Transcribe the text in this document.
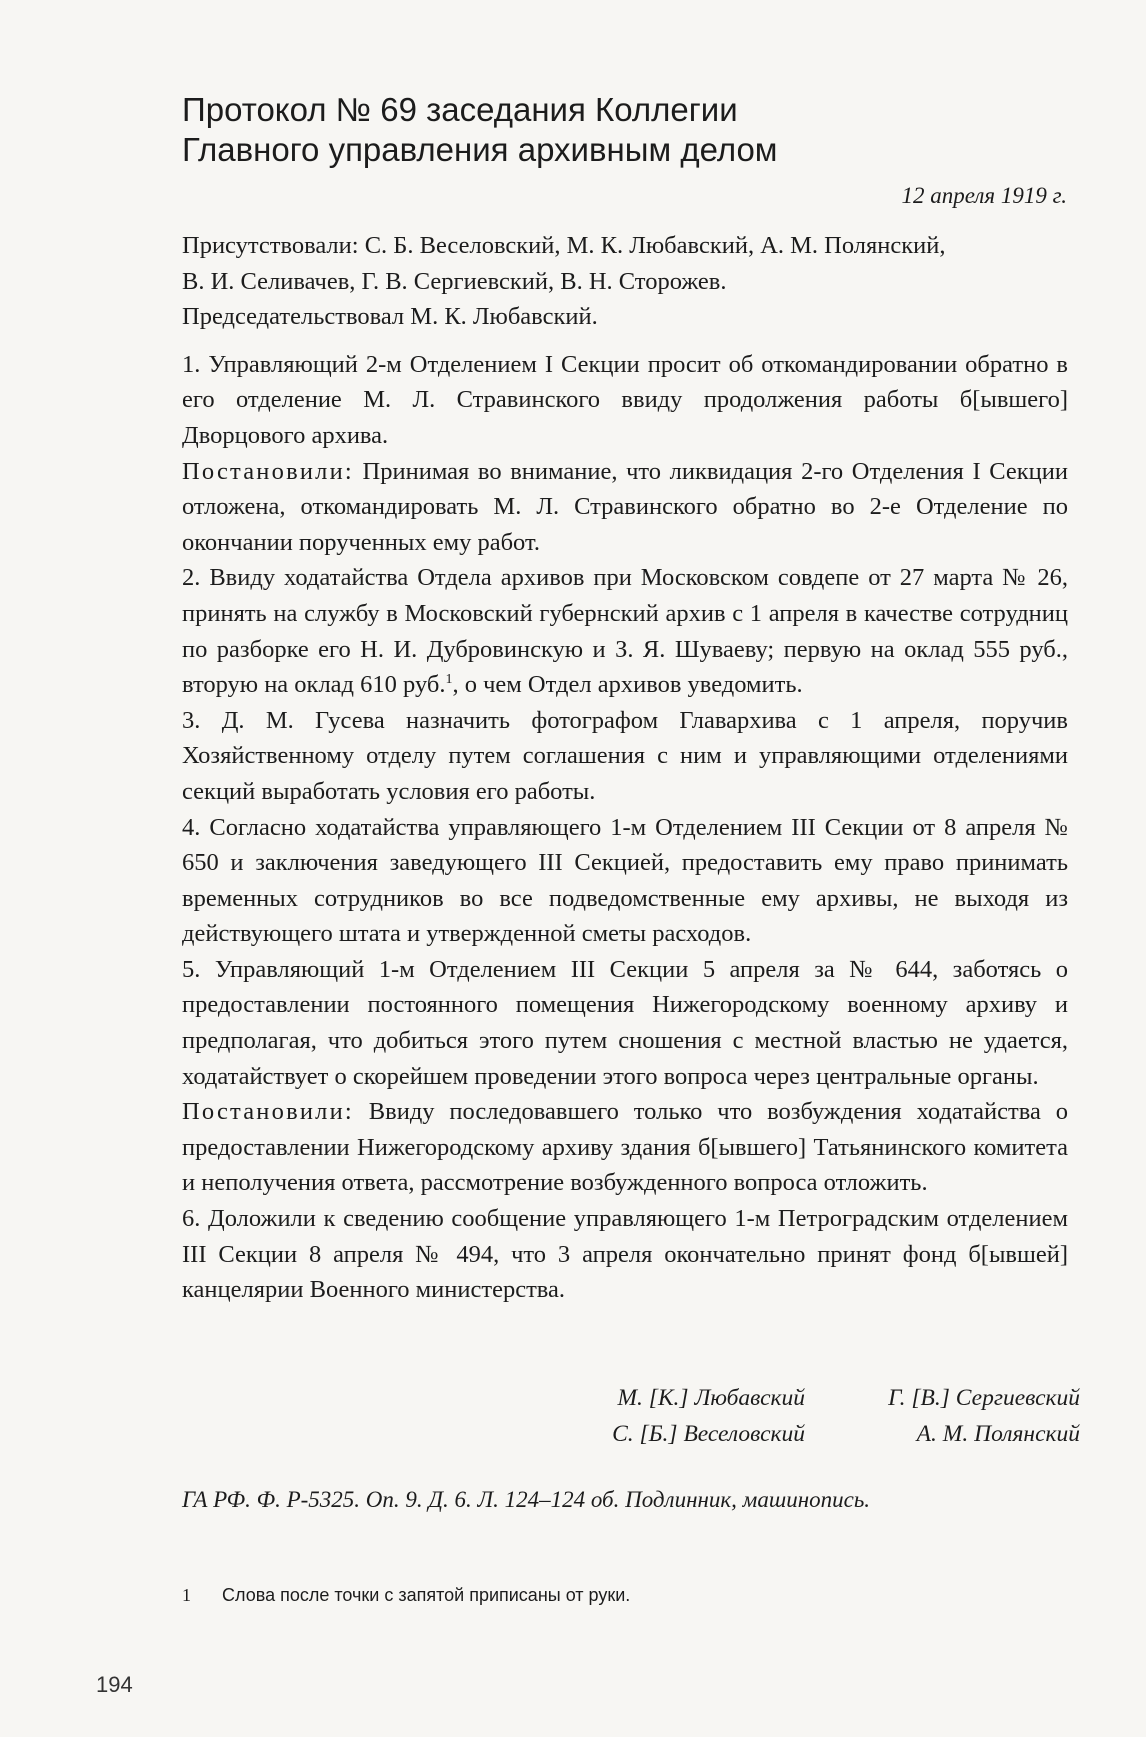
Протокол № 69 заседания Коллегии
Главного управления архивным делом
12 апреля 1919 г.

Присутствовали: С. Б. Веселовский, М. К. Любавский, А. М. Полянский,

В. И. Селивачев, Г. В. Сергиевский, В. Н. Сторожев.

Председательствовал М. К. Любавский.

1. Управляющий 2-м Отделением I Секции просит об откомандировании обратно в его отделение М. Л. Стравинского ввиду продолжения работы б[ывшего] Дворцового архива.

Постановили: Принимая во внимание, что ликвидация 2-го Отделения I Секции отложена, откомандировать М. Л. Стравинского обратно во 2-е Отделение по окончании порученных ему работ.

2. Ввиду ходатайства Отдела архивов при Московском совдепе от 27 марта № 26, принять на службу в Московский губернский архив с 1 апреля в качестве сотрудниц по разборке его Н. И. Дубровинскую и З. Я. Шуваеву; первую на оклад 555 руб., вторую на оклад 610 руб.$^1$, о чем Отдел архивов уведомить.

3. Д. М. Гусева назначить фотографом Главархива с 1 апреля, поручив Хозяйственному отделу путем соглашения с ним и управляющими отделениями секций выработать условия его работы.

4. Согласно ходатайства управляющего 1-м Отделением III Секции от 8 апреля № 650 и заключения заведующего III Секцией, предоставить ему право принимать временных сотрудников во все подведомственные ему архивы, не выходя из действующего штата и утвержденной сметы расходов.

5. Управляющий 1-м Отделением III Секции 5 апреля за № 644, заботясь о предоставлении постоянного помещения Нижегородскому военному архиву и предполагая, что добиться этого путем сношения с местной властью не удается, ходатайствует о скорейшем проведении этого вопроса через центральные органы.

Постановили: Ввиду последовавшего только что возбуждения ходатайства о предоставлении Нижегородскому архиву здания б[ывшего] Татьянинского комитета и неполучения ответа, рассмотрение возбужденного вопроса отложить.

6. Доложили к сведению сообщение управляющего 1-м Петроградским отделением III Секции 8 апреля № 494, что 3 апреля окончательно принят фонд б[ывшей] канцелярии Военного министерства.

М. [К.] Любавский	Г. [В.] Сергиевский
С. [Б.] Веселовский	А. М. Полянский
ГА РФ. Ф. Р-5325. Оп. 9. Д. 6. Л. 124–124 об. Подлинник, машинопись.
1 Слова после точки с запятой приписаны от руки.
194
